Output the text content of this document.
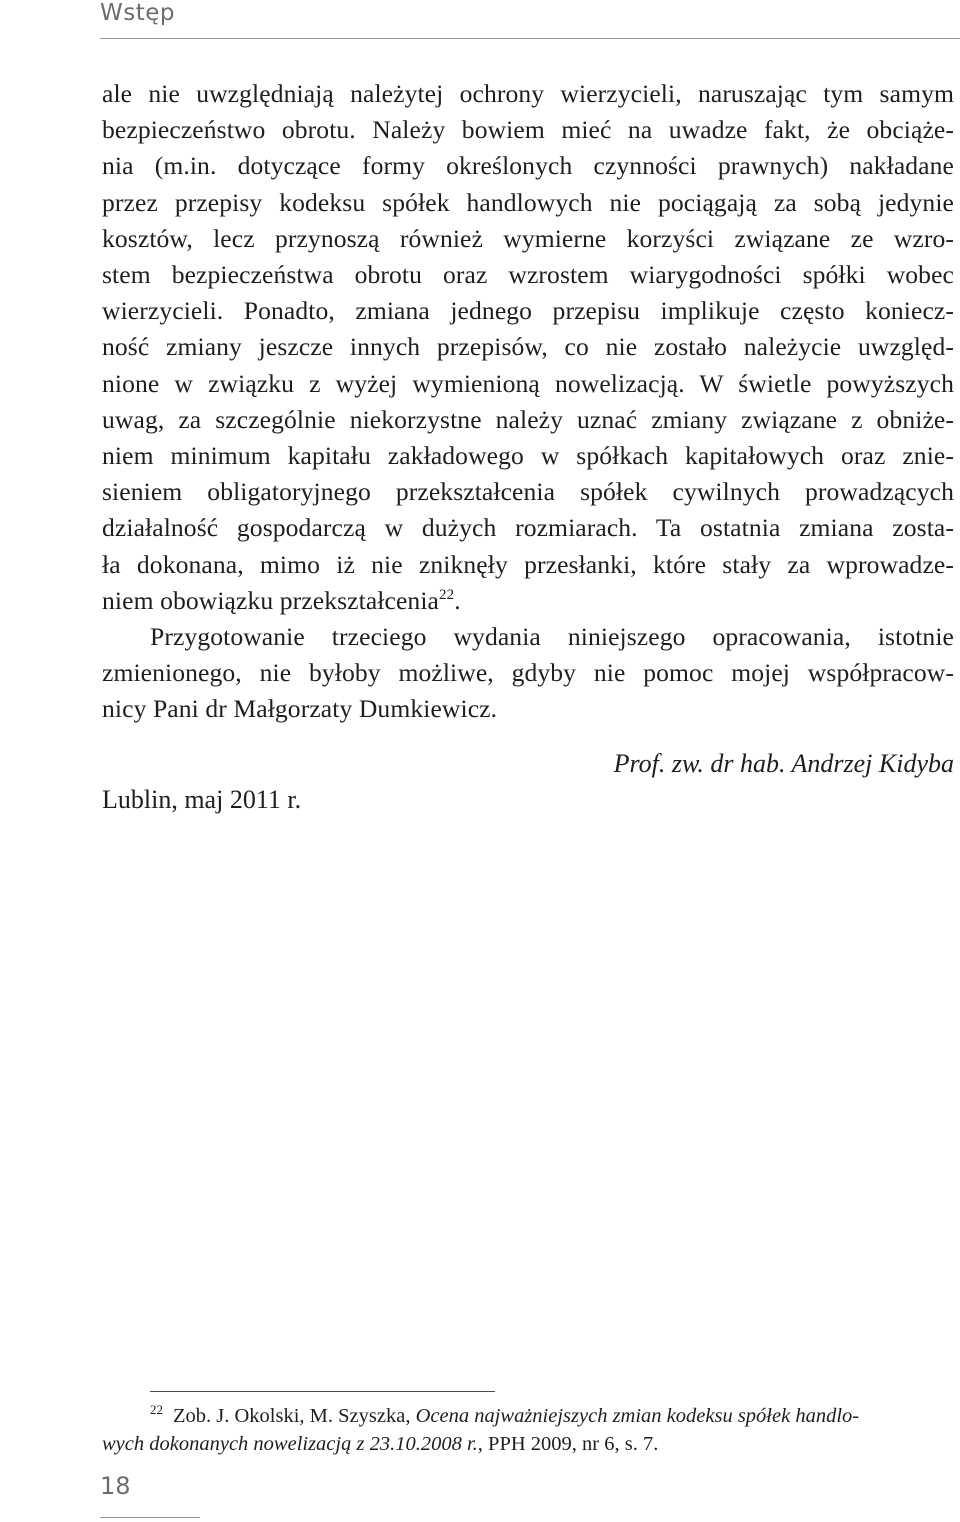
Wstęp
ale nie uwzględniają należytej ochrony wierzycieli, naruszając tym samym
bezpieczeństwo obrotu. Należy bowiem mieć na uwadze fakt, że obciąże-
nia (m.in. dotyczące formy określonych czynności prawnych) nakładane
przez przepisy kodeksu spółek handlowych nie pociągają za sobą jedynie
kosztów, lecz przynoszą również wymierne korzyści związane ze wzro-
stem bezpieczeństwa obrotu oraz wzrostem wiarygodności spółki wobec
wierzycieli. Ponadto, zmiana jednego przepisu implikuje często koniecz-
ność zmiany jeszcze innych przepisów, co nie zostało należycie uwzględ-
nione w związku z wyżej wymienioną nowelizacją. W świetle powyższych
uwag, za szczególnie niekorzystne należy uznać zmiany związane z obniże-
niem minimum kapitału zakładowego w spółkach kapitałowych oraz znie-
sieniem obligatoryjnego przekształcenia spółek cywilnych prowadzących
działalność gospodarczą w dużych rozmiarach. Ta ostatnia zmiana zosta-
ła dokonana, mimo iż nie zniknęły przesłanki, które stały za wprowadze-
niem obowiązku przekształcenia$^{22}$.
Przygotowanie trzeciego wydania niniejszego opracowania, istotnie
zmienionego, nie byłoby możliwe, gdyby nie pomoc mojej współpracow-
nicy Pani dr Małgorzaty Dumkiewicz.
Prof. zw. dr hab. Andrzej Kidyba
Lublin, maj 2011 r.
$^{22}$ Zob. J. Okolski, M. Szyszka, Ocena najważniejszych zmian kodeksu spółek handlo-
wych dokonanych nowelizacją z 23.10.2008 r., PPH 2009, nr 6, s. 7.
18
